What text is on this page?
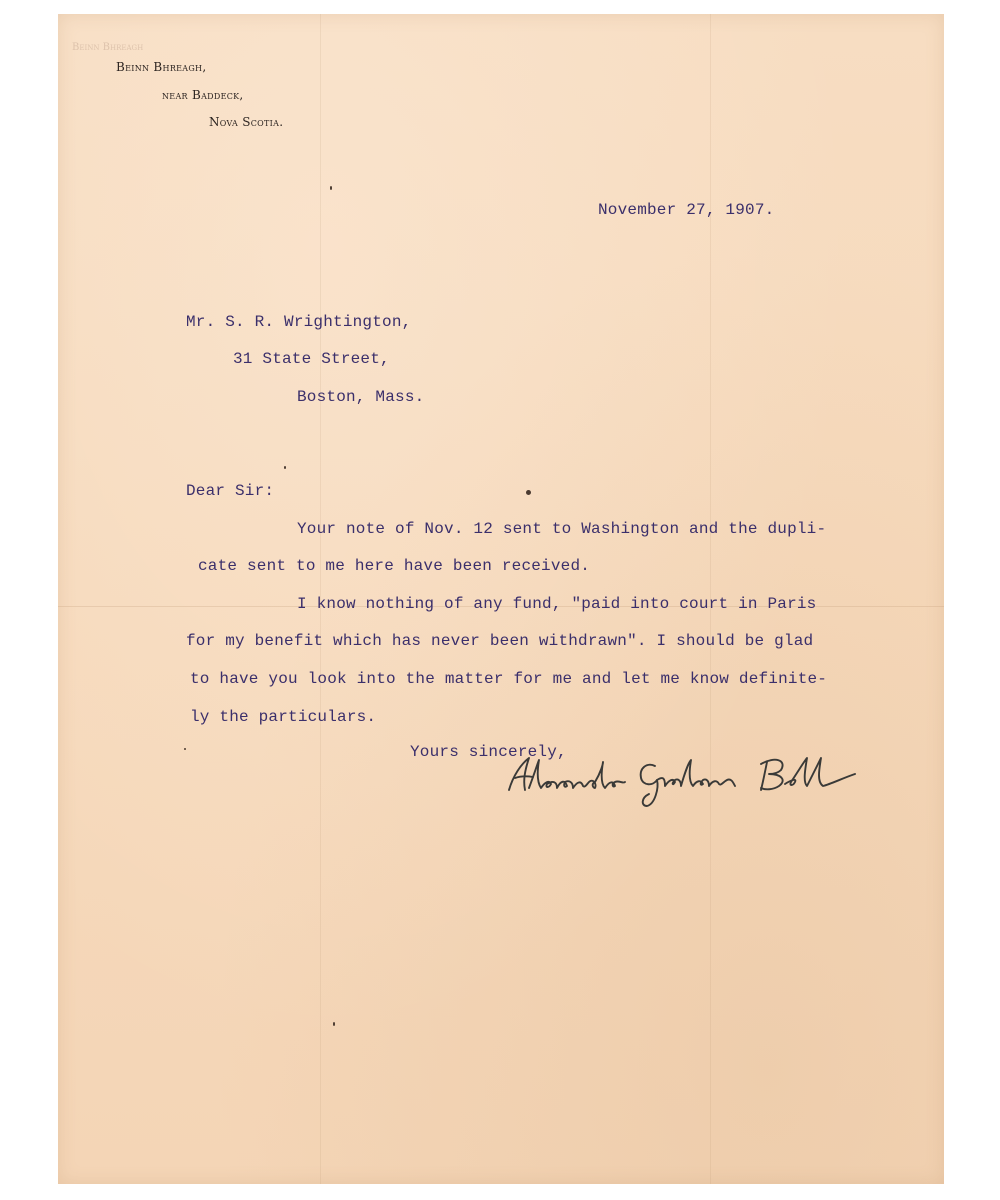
Beinn Bhreagh
Beinn Bhreagh,
near Baddeck,
Nova Scotia.
November 27, 1907.
Mr. S. R. Wrightington,
31 State Street,
Boston, Mass.
Dear Sir:
Your note of Nov. 12 sent to Washington and the dupli-
cate sent to me here have been received.
I know nothing of any fund, "paid into court in Paris
for my benefit which has never been withdrawn". I should be glad
to have you look into the matter for me and let me know definite-
ly the particulars.
Yours sincerely,
